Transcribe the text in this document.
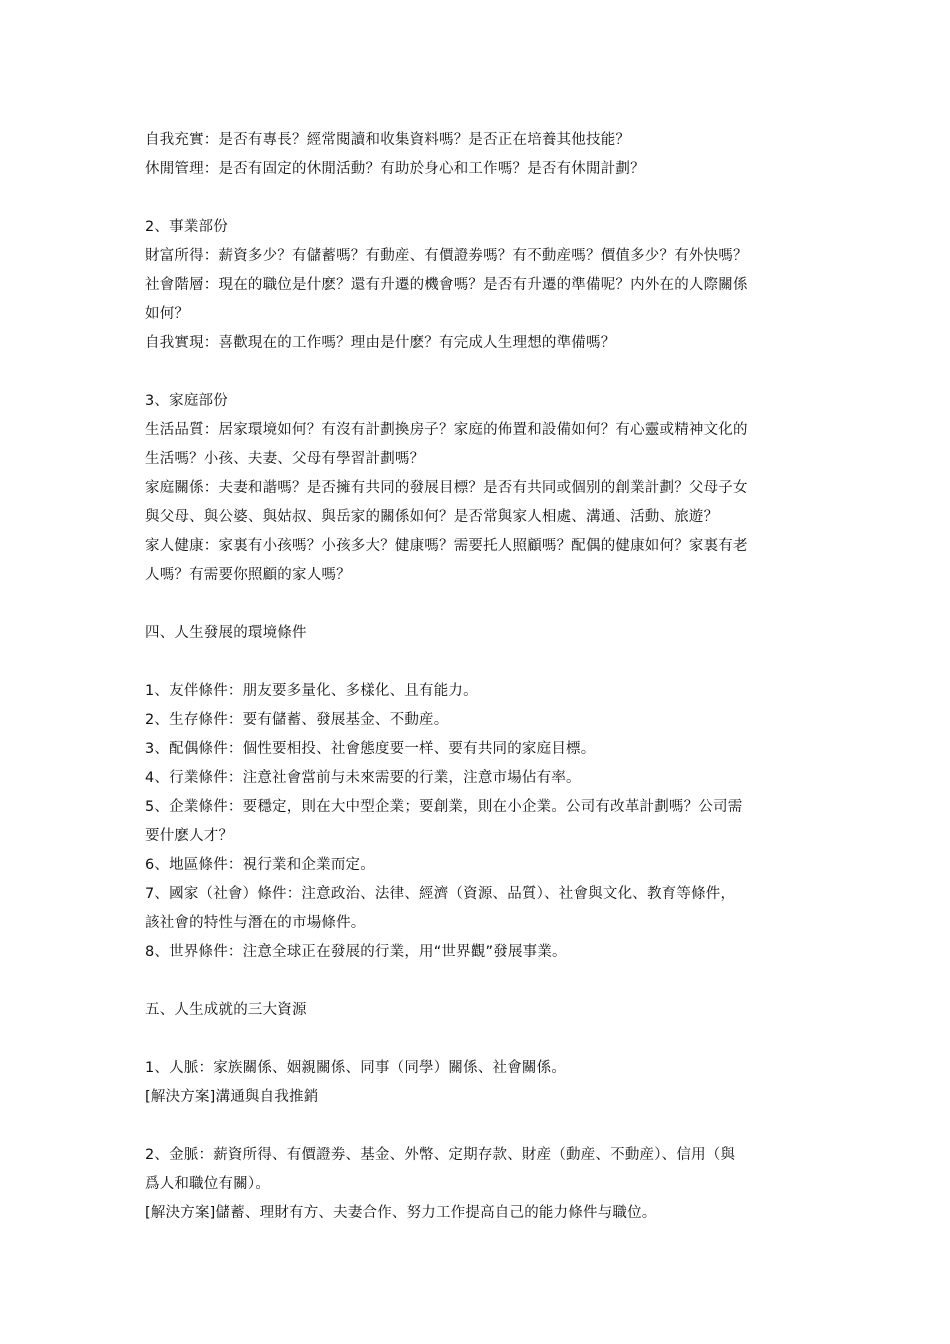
自我充實：是否有專長？經常閱讀和收集資料嗎？是否正在培養其他技能？
休閒管理：是否有固定的休閒活動？有助於身心和工作嗎？是否有休閒計劃？
2、事業部份
財富所得：薪資多少？有儲蓄嗎？有動産、有價證劵嗎？有不動産嗎？價值多少？有外快嗎？
社會階層：現在的職位是什麽？還有升遷的機會嗎？是否有升遷的準備呢？内外在的人際關係
如何？
自我實現：喜歡現在的工作嗎？理由是什麽？有完成人生理想的準備嗎？
3、家庭部份
生活品質：居家環境如何？有沒有計劃換房子？家庭的佈置和設備如何？有心靈或精神文化的
生活嗎？小孩、夫妻、父母有學習計劃嗎？
家庭關係：夫妻和諧嗎？是否擁有共同的發展目標？是否有共同或個别的創業計劃？父母子女
與父母、與公婆、與姑叔、與岳家的關係如何？是否常與家人相處、溝通、活動、旅遊？
家人健康：家裏有小孩嗎？小孩多大？健康嗎？需要托人照顧嗎？配偶的健康如何？家裏有老
人嗎？有需要你照顧的家人嗎？
四、人生發展的環境條件
1、友伴條件：朋友要多量化、多樣化、且有能力。
2、生存條件：要有儲蓄、發展基金、不動産。
3、配偶條件：個性要相投、社會態度要一样、要有共同的家庭目標。
4、行業條件：注意社會當前与未來需要的行業，注意市場佔有率。
5、企業條件：要穩定，則在大中型企業；要創業，則在小企業。公司有改革計劃嗎？公司需
要什麽人才？
6、地區條件：視行業和企業而定。
7、國家（社會）條件：注意政治、法律、經濟（資源、品質）、社會與文化、教育等條件，
該社會的特性与潛在的市場條件。
8、世界條件：注意全球正在發展的行業，用“世界觀”發展事業。
五、人生成就的三大資源
1、人脈：家族關係、姻親關係、同事（同學）關係、社會關係。
[解決方案]溝通與自我推銷
2、金脈：薪資所得、有價證劵、基金、外幣、定期存款、財産（動産、不動産）、信用（與
爲人和職位有關）。
[解決方案]儲蓄、理財有方、夫妻合作、努力工作提高自己的能力條件与職位。
